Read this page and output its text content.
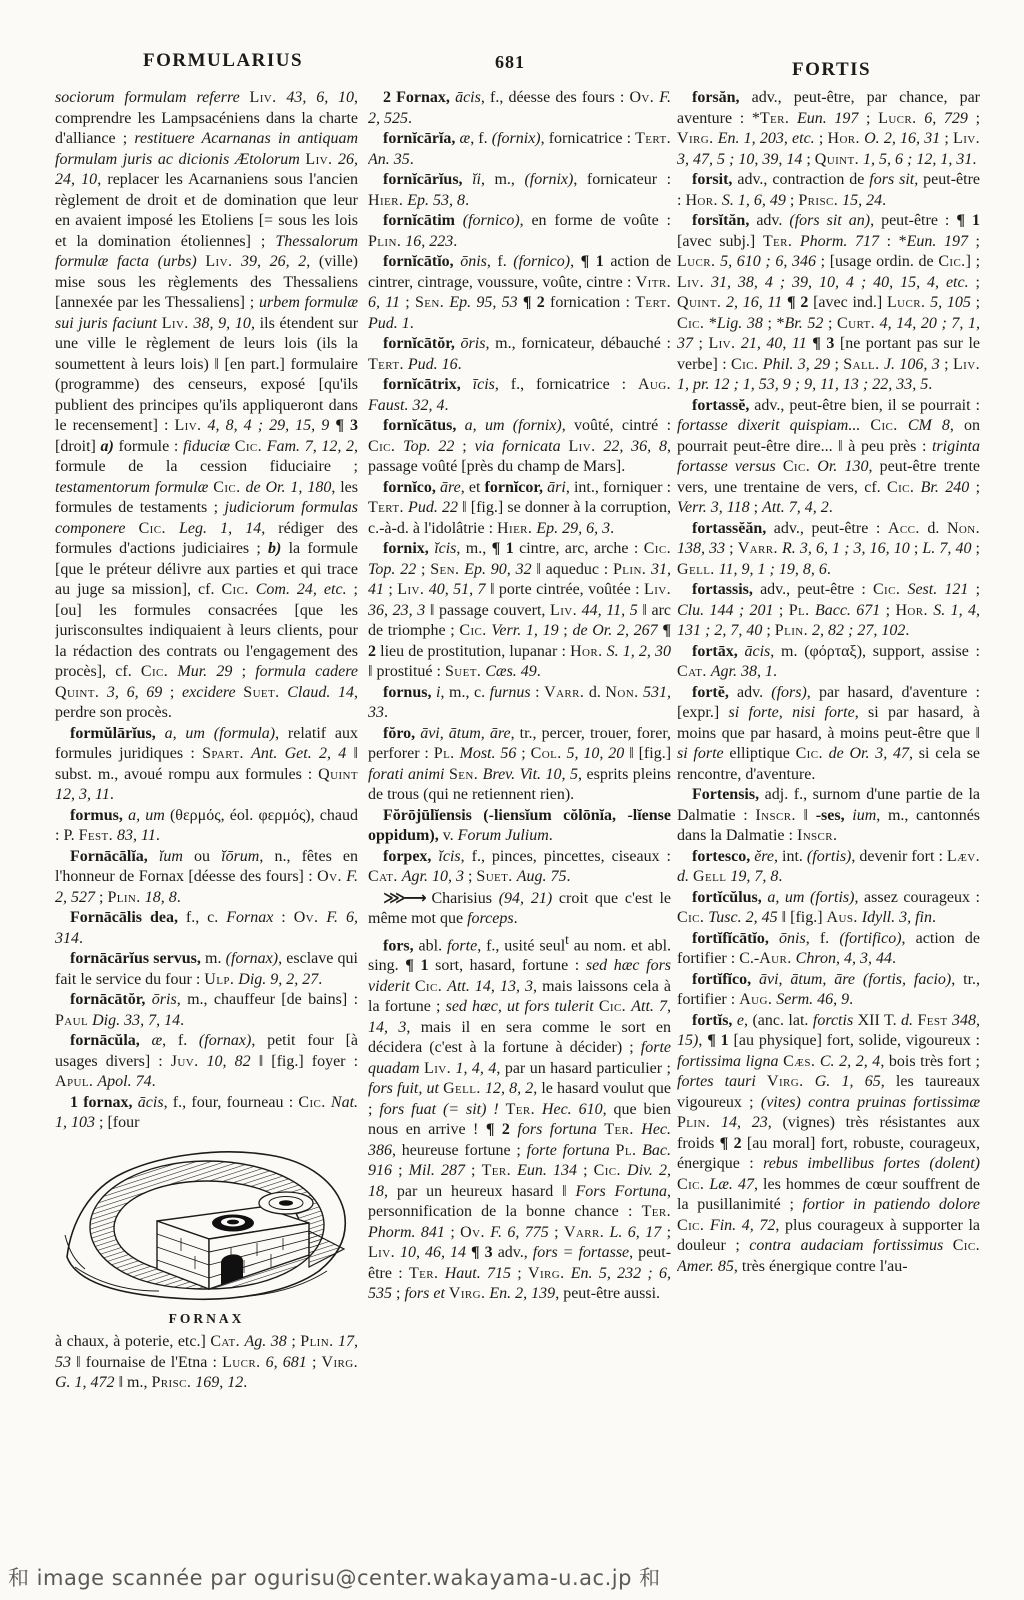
FORMULARIUS	681	FORTIS

sociorum formulam referre Liv. 43, 6, 10, comprendre les Lampsacéniens dans la charte d'alliance ; restituere Acarnanas in antiquam formulam juris ac dicionis Ætolorum Liv. 26, 24, 10, replacer les Acarnaniens sous l'ancien règlement de droit et de domination que leur en avaient imposé les Etoliens [= sous les lois et la domination étoliennes] ; Thessalorum formulæ facta (urbs) Liv. 39, 26, 2, (ville) mise sous les règlements des Thessaliens [annexée par les Thessaliens] ; urbem formulæ sui juris faciunt Liv. 38, 9, 10, ils étendent sur une ville le règlement de leurs lois (ils la soumettent à leurs lois) ‖ [en part.] formulaire (programme) des censeurs, exposé [qu'ils publient des principes qu'ils appliqueront dans le recensement] : Liv. 4, 8, 4 ; 29, 15, 9 ¶ 3 [droit] a) formule : fiduciæ Cic. Fam. 7, 12, 2, formule de la cession fiduciaire ; testamentorum formulæ Cic. de Or. 1, 180, les formules de testaments ; judiciorum formulas componere Cic. Leg. 1, 14, rédiger des formules d'actions judiciaires ; b) la formule [que le préteur délivre aux parties et qui trace au juge sa mission], cf. Cic. Com. 24, etc. ; [ou] les formules consacrées [que les jurisconsultes indiquaient à leurs clients, pour la rédaction des contrats ou l'engagement des procès], cf. Cic. Mur. 29 ; formula cadere Quint. 3, 6, 69 ; excidere Suet. Claud. 14, perdre son procès.

formŭlārĭus, a, um (formula), relatif aux formules juridiques : Spart. Ant. Get. 2, 4 ‖ subst. m., avoué rompu aux formules : Quint 12, 3, 11.

formus, a, um (θερμός, éol. φερμός), chaud : P. Fest. 83, 11.

Fornācālĭa, ĭum ou ĭōrum, n., fêtes en l'honneur de Fornax [déesse des fours] : Ov. F. 2, 527 ; Plin. 18, 8.

Fornācālis dea, f., c. Fornax : Ov. F. 6, 314.

fornācārĭus servus, m. (fornax), esclave qui fait le service du four : Ulp. Dig. 9, 2, 27.

fornācātŏr, ōris, m., chauffeur [de bains] : Paul Dig. 33, 7, 14.

fornācŭla, æ, f. (fornax), petit four [à usages divers] : Juv. 10, 82 ‖ [fig.] foyer : Apul. Apol. 74.

1 fornax, ācis, f., four, fourneau : Cic. Nat. 1, 103 ; [four

FORNAX

à chaux, à poterie, etc.] Cat. Ag. 38 ; Plin. 17, 53 ‖ fournaise de l'Etna : Lucr. 6, 681 ; Virg. G. 1, 472 ‖ m., Prisc. 169, 12.

2 Fornax, ācis, f., déesse des fours : Ov. F. 2, 525.

fornĭcārĭa, æ, f. (fornix), fornicatrice : Tert. An. 35.

fornĭcārĭus, ĭi, m., (fornix), fornicateur : Hier. Ep. 53, 8.

fornĭcātim (fornico), en forme de voûte : Plin. 16, 223.

fornĭcātĭo, ōnis, f. (fornico), ¶ 1 action de cintrer, cintrage, voussure, voûte, cintre : Vitr. 6, 11 ; Sen. Ep. 95, 53 ¶ 2 fornication : Tert. Pud. 1.

fornĭcātŏr, ōris, m., fornicateur, débauché : Tert. Pud. 16.

fornĭcātrix, īcis, f., fornicatrice : Aug. Faust. 32, 4.

fornĭcātus, a, um (fornix), voûté, cintré : Cic. Top. 22 ; via fornicata Liv. 22, 36, 8, passage voûté [près du champ de Mars].

fornĭco, āre, et fornĭcor, āri, int., forniquer : Tert. Pud. 22 ‖ [fig.] se donner à la corruption, c.-à-d. à l'idolâtrie : Hier. Ep. 29, 6, 3.

fornix, ĭcis, m., ¶ 1 cintre, arc, arche : Cic. Top. 22 ; Sen. Ep. 90, 32 ‖ aqueduc : Plin. 31, 41 ; Liv. 40, 51, 7 ‖ porte cintrée, voûtée : Liv. 36, 23, 3 ‖ passage couvert, Liv. 44, 11, 5 ‖ arc de triomphe ; Cic. Verr. 1, 19 ; de Or. 2, 267 ¶ 2 lieu de prostitution, lupanar : Hor. S. 1, 2, 30 ‖ prostitué : Suet. Cæs. 49.

fornus, i, m., c. furnus : Varr. d. Non. 531, 33.

fŏro, āvi, ātum, āre, tr., percer, trouer, forer, perforer : Pl. Most. 56 ; Col. 5, 10, 20 ‖ [fig.] forati animi Sen. Brev. Vit. 10, 5, esprits pleins de trous (qui ne retiennent rien).

Fŏrōjūlĭensis (-liensĭum cŏlōnĭa, -lĭense oppidum), v. Forum Julium.

forpex, ĭcis, f., pinces, pincettes, ciseaux : Cat. Agr. 10, 3 ; Suet. Aug. 75.

⋙⟶ Charisius (94, 21) croit que c'est le même mot que forceps.

fors, abl. forte, f., usité seul$^t$ au nom. et abl. sing. ¶ 1 sort, hasard, fortune : sed hæc fors viderit Cic. Att. 14, 13, 3, mais laissons cela à la fortune ; sed hæc, ut fors tulerit Cic. Att. 7, 14, 3, mais il en sera comme le sort en décidera (c'est à la fortune à décider) ; forte quadam Liv. 1, 4, 4, par un hasard particulier ; fors fuit, ut Gell. 12, 8, 2, le hasard voulut que ; fors fuat (= sit) ! Ter. Hec. 610, que bien nous en arrive ! ¶ 2 fors fortuna Ter. Hec. 386, heureuse fortune ; forte fortuna Pl. Bac. 916 ; Mil. 287 ; Ter. Eun. 134 ; Cic. Div. 2, 18, par un heureux hasard ‖ Fors Fortuna, personnification de la bonne chance : Ter. Phorm. 841 ; Ov. F. 6, 775 ; Varr. L. 6, 17 ; Liv. 10, 46, 14 ¶ 3 adv., fors = fortasse, peut-être : Ter. Haut. 715 ; Virg. En. 5, 232 ; 6, 535 ; fors et Virg. En. 2, 139, peut-être aussi.

forsăn, adv., peut-être, par chance, par aventure : *Ter. Eun. 197 ; Lucr. 6, 729 ; Virg. En. 1, 203, etc. ; Hor. O. 2, 16, 31 ; Liv. 3, 47, 5 ; 10, 39, 14 ; Quint. 1, 5, 6 ; 12, 1, 31.

forsit, adv., contraction de fors sit, peut-être : Hor. S. 1, 6, 49 ; Prisc. 15, 24.

forsĭtăn, adv. (fors sit an), peut-être : ¶ 1 [avec subj.] Ter. Phorm. 717 : *Eun. 197 ; Lucr. 5, 610 ; 6, 346 ; [usage ordin. de Cic.] ; Liv. 31, 38, 4 ; 39, 10, 4 ; 40, 15, 4, etc. ; Quint. 2, 16, 11 ¶ 2 [avec ind.] Lucr. 5, 105 ; Cic. *Lig. 38 ; *Br. 52 ; Curt. 4, 14, 20 ; 7, 1, 37 ; Liv. 21, 40, 11 ¶ 3 [ne portant pas sur le verbe] : Cic. Phil. 3, 29 ; Sall. J. 106, 3 ; Liv. 1, pr. 12 ; 1, 53, 9 ; 9, 11, 13 ; 22, 33, 5.

fortassĕ, adv., peut-être bien, il se pourrait : fortasse dixerit quispiam... Cic. CM 8, on pourrait peut-être dire... ‖ à peu près : triginta fortasse versus Cic. Or. 130, peut-être trente vers, une trentaine de vers, cf. Cic. Br. 240 ; Verr. 3, 118 ; Att. 7, 4, 2.

fortassĕăn, adv., peut-être : Acc. d. Non. 138, 33 ; Varr. R. 3, 6, 1 ; 3, 16, 10 ; L. 7, 40 ; Gell. 11, 9, 1 ; 19, 8, 6.

fortassis, adv., peut-être : Cic. Sest. 121 ; Clu. 144 ; 201 ; Pl. Bacc. 671 ; Hor. S. 1, 4, 131 ; 2, 7, 40 ; Plin. 2, 82 ; 27, 102.

fortāx, ācis, m. (φόρταξ), support, assise : Cat. Agr. 38, 1.

fortĕ, adv. (fors), par hasard, d'aventure : [expr.] si forte, nisi forte, si par hasard, à moins que par hasard, à moins peut-être que ‖ si forte elliptique Cic. de Or. 3, 47, si cela se rencontre, d'aventure.

Fortensis, adj. f., surnom d'une partie de la Dalmatie : Inscr. ‖ -ses, ium, m., cantonnés dans la Dalmatie : Inscr.

fortesco, ĕre, int. (fortis), devenir fort : Læv. d. Gell 19, 7, 8.

fortĭcŭlus, a, um (fortis), assez courageux : Cic. Tusc. 2, 45 ‖ [fig.] Aus. Idyll. 3, fin.

fortĭfĭcātĭo, ōnis, f. (fortifico), action de fortifier : C.-Aur. Chron, 4, 3, 44.

fortĭfĭco, āvi, ātum, āre (fortis, facio), tr., fortifier : Aug. Serm. 46, 9.

fortĭs, e, (anc. lat. forctis XII T. d. Fest 348, 15), ¶ 1 [au physique] fort, solide, vigoureux : fortissima ligna Cæs. C. 2, 2, 4, bois très fort ; fortes tauri Virg. G. 1, 65, les taureaux vigoureux ; (vites) contra pruinas fortissimæ Plin. 14, 23, (vignes) très résistantes aux froids ¶ 2 [au moral] fort, robuste, courageux, énergique : rebus imbellibus fortes (dolent) Cic. Læ. 47, les hommes de cœur souffrent de la pusillanimité ; fortior in patiendo dolore Cic. Fin. 4, 72, plus courageux à supporter la douleur ; contra audaciam fortissimus Cic. Amer. 85, très énergique contre l'au-

和 image scannée par ogurisu@center.wakayama-u.ac.jp 和
